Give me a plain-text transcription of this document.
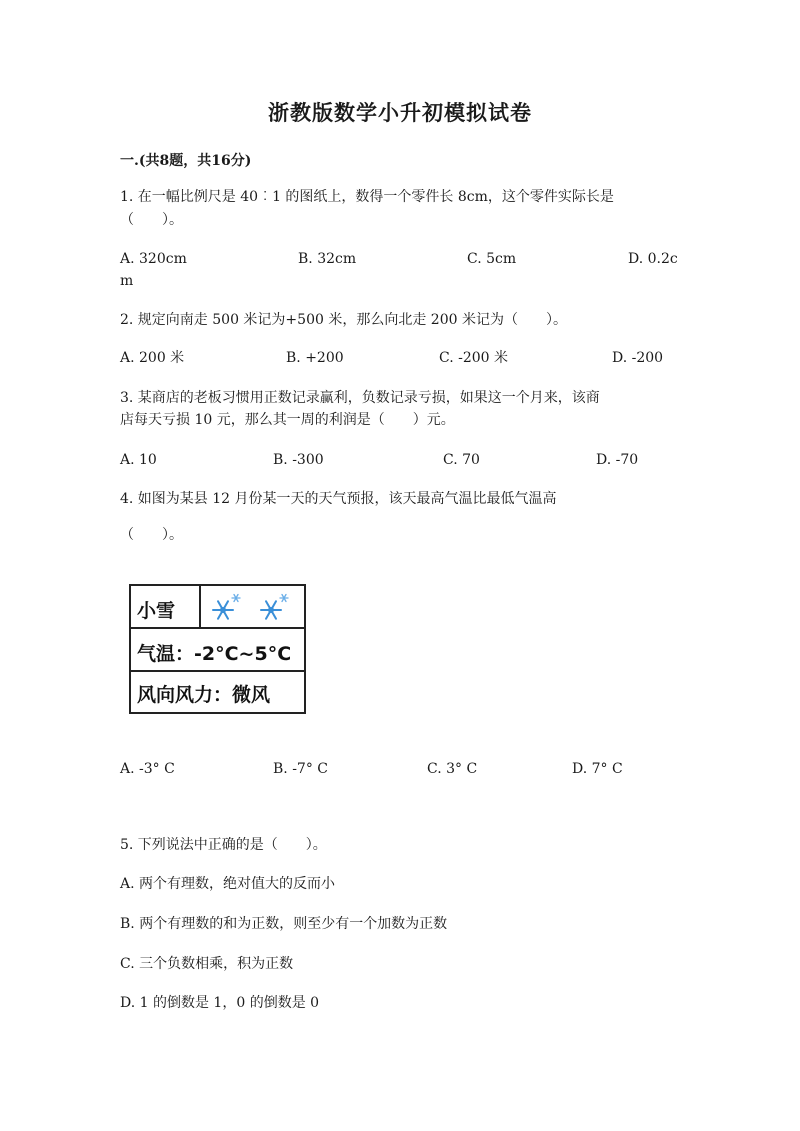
浙教版数学小升初模拟试卷
一.(共8题，共16分)
1. 在一幅比例尺是 40︰1 的图纸上，数得一个零件长 8cm，这个零件实际长是
（　　）。
A. 320cm	B. 32cm	C. 5cm	D. 0.2c
m
2. 规定向南走 500 米记为+500 米，那么向北走 200 米记为（　　）。
A. 200 米	B. +200	C. -200 米	D. -200
3. 某商店的老板习惯用正数记录赢利，负数记录亏损，如果这一个月来，该商
店每天亏损 10 元，那么其一周的利润是（　　）元。
A. 10	B. -300	C. 70	D. -70
4. 如图为某县 12 月份某一天的天气预报，该天最高气温比最低气温高
（　　）。
小雪
气温：-2°C~5°C
风向风力：微风
A. -3° C	B. -7° C	C. 3° C	D. 7° C
5. 下列说法中正确的是（　　）。
A. 两个有理数，绝对值大的反而小
B. 两个有理数的和为正数，则至少有一个加数为正数
C. 三个负数相乘，积为正数
D. 1 的倒数是 1，0 的倒数是 0
